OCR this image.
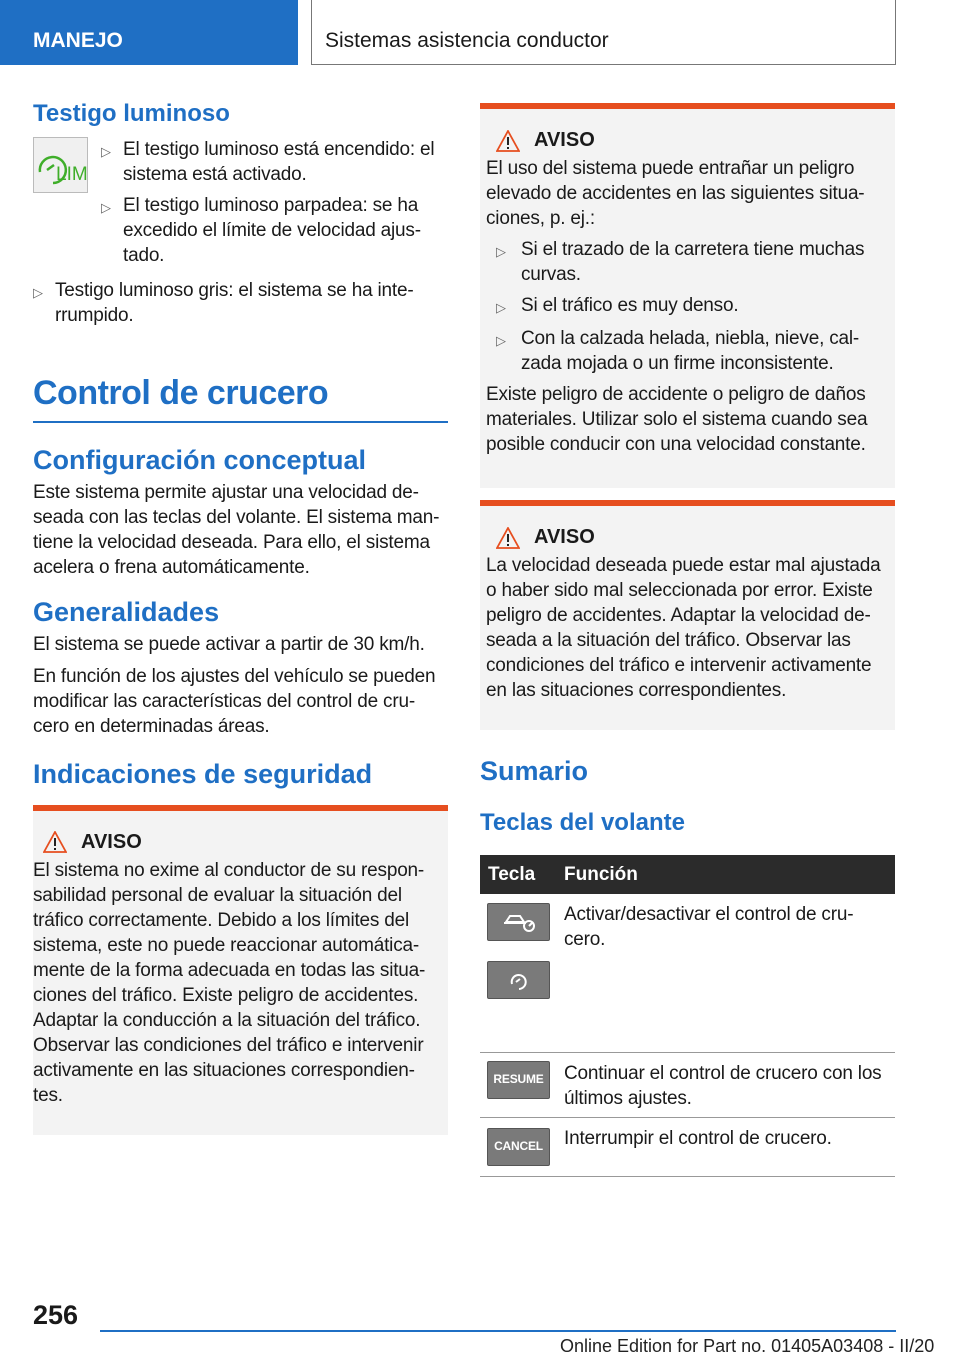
MANEJO	Sistemas asistencia conductor
Testigo luminoso
LIM
▷ El testigo luminoso está encendido: el sistema está activado.
▷ El testigo luminoso parpadea: se ha excedido el límite de velocidad ajus-tado.
▷ Testigo luminoso gris: el sistema se ha inte-rrumpido.
Control de crucero
Configuración conceptual
Este sistema permite ajustar una velocidad de-seada con las teclas del volante. El sistema man-tiene la velocidad deseada. Para ello, el sistema acelera o frena automáticamente.
Generalidades
El sistema se puede activar a partir de 30 km/h.
En función de los ajustes del vehículo se pueden modificar las características del control de cru-cero en determinadas áreas.
Indicaciones de seguridad
AVISO
El sistema no exime al conductor de su respon-sabilidad personal de evaluar la situación del tráfico correctamente. Debido a los límites del sistema, este no puede reaccionar automática-mente de la forma adecuada en todas las situa-ciones del tráfico. Existe peligro de accidentes. Adaptar la conducción a la situación del tráfico. Observar las condiciones del tráfico e intervenir activamente en las situaciones correspondien-tes.
AVISO
El uso del sistema puede entrañar un peligro elevado de accidentes en las siguientes situa-ciones, p. ej.:
▷ Si el trazado de la carretera tiene muchas curvas.
▷ Si el tráfico es muy denso.
▷ Con la calzada helada, niebla, nieve, cal-zada mojada o un firme inconsistente.
Existe peligro de accidente o peligro de daños materiales. Utilizar solo el sistema cuando sea posible conducir con una velocidad constante.
AVISO
La velocidad deseada puede estar mal ajustada o haber sido mal seleccionada por error. Existe peligro de accidentes. Adaptar la velocidad de-seada a la situación del tráfico. Observar las condiciones del tráfico e intervenir activamente en las situaciones correspondientes.
Sumario
Teclas del volante
Tecla	Función

	Activar/desactivar el control de cru-cero.

RESUME	Continuar el control de crucero con los últimos ajustes.

CANCEL	Interrumpir el control de crucero.
256
Online Edition for Part no. 01405A03408 - II/20
